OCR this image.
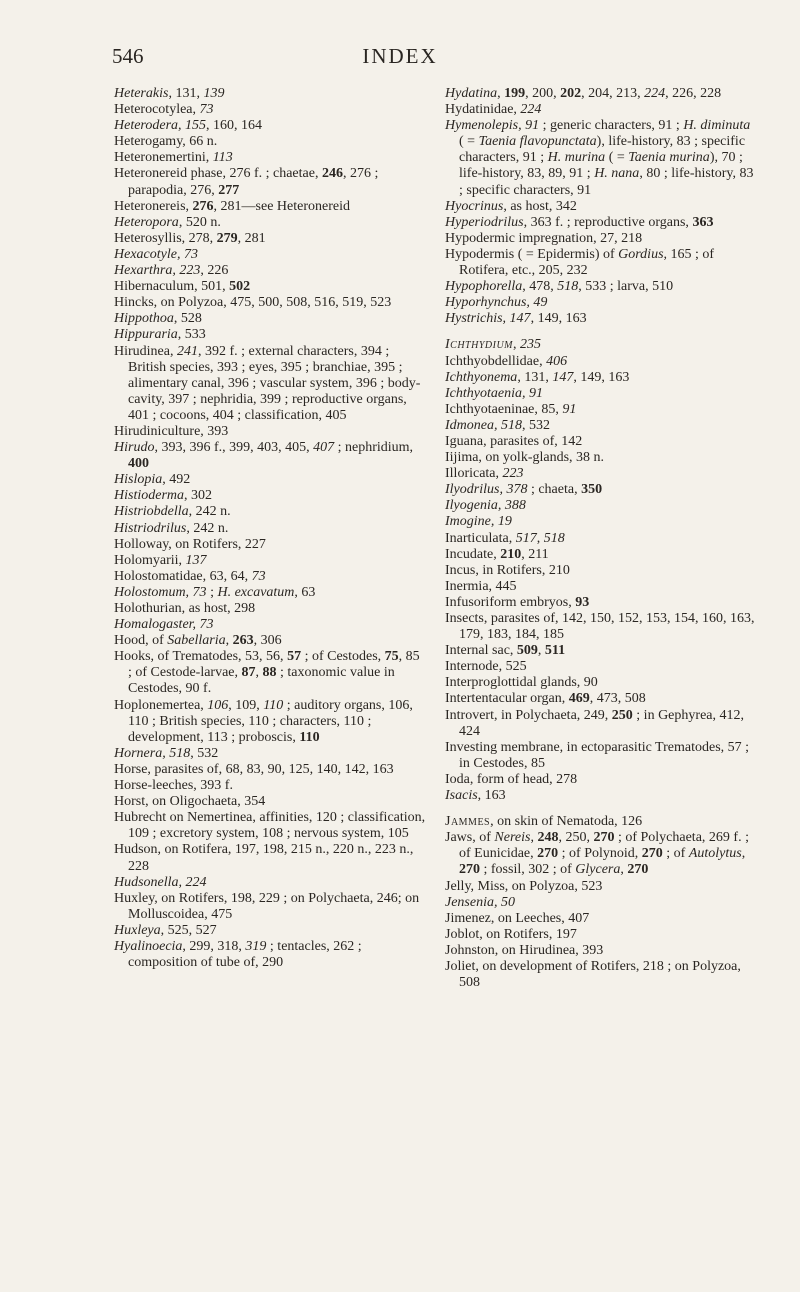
546	INDEX

Heterakis, 131, 139

Heterocotylea, 73

Heterodera, 155, 160, 164

Heterogamy, 66 n.

Heteronemertini, 113

Heteronereid phase, 276 f. ; chaetae, 246, 276 ; parapodia, 276, 277

Heteronereis, 276, 281—see Heteronereid

Heteropora, 520 n.

Heterosyllis, 278, 279, 281

Hexacotyle, 73

Hexarthra, 223, 226

Hibernaculum, 501, 502

Hincks, on Polyzoa, 475, 500, 508, 516, 519, 523

Hippothoa, 528

Hippuraria, 533

Hirudinea, 241, 392 f. ; external characters, 394 ; British species, 393 ; eyes, 395 ; branchiae, 395 ; alimentary canal, 396 ; vascular system, 396 ; body-cavity, 397 ; nephridia, 399 ; reproductive organs, 401 ; cocoons, 404 ; classification, 405

Hirudiniculture, 393

Hirudo, 393, 396 f., 399, 403, 405, 407 ; nephridium, 400

Hislopia, 492

Histioderma, 302

Histriobdella, 242 n.

Histriodrilus, 242 n.

Holloway, on Rotifers, 227

Holomyarii, 137

Holostomatidae, 63, 64, 73

Holostomum, 73 ; H. excavatum, 63

Holothurian, as host, 298

Homalogaster, 73

Hood, of Sabellaria, 263, 306

Hooks, of Trematodes, 53, 56, 57 ; of Cestodes, 75, 85 ; of Cestode-larvae, 87, 88 ; taxonomic value in Cestodes, 90 f.

Hoplonemertea, 106, 109, 110 ; auditory organs, 106, 110 ; British species, 110 ; characters, 110 ; development, 113 ; proboscis, 110

Hornera, 518, 532

Horse, parasites of, 68, 83, 90, 125, 140, 142, 163

Horse-leeches, 393 f.

Horst, on Oligochaeta, 354

Hubrecht on Nemertinea, affinities, 120 ; classification, 109 ; excretory system, 108 ; nervous system, 105

Hudson, on Rotifera, 197, 198, 215 n., 220 n., 223 n., 228

Hudsonella, 224

Huxley, on Rotifers, 198, 229 ; on Polychaeta, 246; on Molluscoidea, 475

Huxleya, 525, 527

Hyalinoecia, 299, 318, 319 ; tentacles, 262 ; composition of tube of, 290

Hydatina, 199, 200, 202, 204, 213, 224, 226, 228

Hydatinidae, 224

Hymenolepis, 91 ; generic characters, 91 ; H. diminuta ( = Taenia flavopunctata), life-history, 83 ; specific characters, 91 ; H. murina ( = Taenia murina), 70 ; life-history, 83, 89, 91 ; H. nana, 80 ; life-history, 83 ; specific characters, 91

Hyocrinus, as host, 342

Hyperiodrilus, 363 f. ; reproductive organs, 363

Hypodermic impregnation, 27, 218

Hypodermis ( = Epidermis) of Gordius, 165 ; of Rotifera, etc., 205, 232

Hypophorella, 478, 518, 533 ; larva, 510

Hyporhynchus, 49

Hystrichis, 147, 149, 163

Ichthydium, 235

Ichthyobdellidae, 406

Ichthyonema, 131, 147, 149, 163

Ichthyotaenia, 91

Ichthyotaeninae, 85, 91

Idmonea, 518, 532

Iguana, parasites of, 142

Iijima, on yolk-glands, 38 n.

Illoricata, 223

Ilyodrilus, 378 ; chaeta, 350

Ilyogenia, 388

Imogine, 19

Inarticulata, 517, 518

Incudate, 210, 211

Incus, in Rotifers, 210

Inermia, 445

Infusoriform embryos, 93

Insects, parasites of, 142, 150, 152, 153, 154, 160, 163, 179, 183, 184, 185

Internal sac, 509, 511

Internode, 525

Interproglottidal glands, 90

Intertentacular organ, 469, 473, 508

Introvert, in Polychaeta, 249, 250 ; in Gephyrea, 412, 424

Investing membrane, in ectoparasitic Trematodes, 57 ; in Cestodes, 85

Ioda, form of head, 278

Isacis, 163

Jammes, on skin of Nematoda, 126

Jaws, of Nereis, 248, 250, 270 ; of Polychaeta, 269 f. ; of Eunicidae, 270 ; of Polynoid, 270 ; of Autolytus, 270 ; fossil, 302 ; of Glycera, 270

Jelly, Miss, on Polyzoa, 523

Jensenia, 50

Jimenez, on Leeches, 407

Joblot, on Rotifers, 197

Johnston, on Hirudinea, 393

Joliet, on development of Rotifers, 218 ; on Polyzoa, 508
